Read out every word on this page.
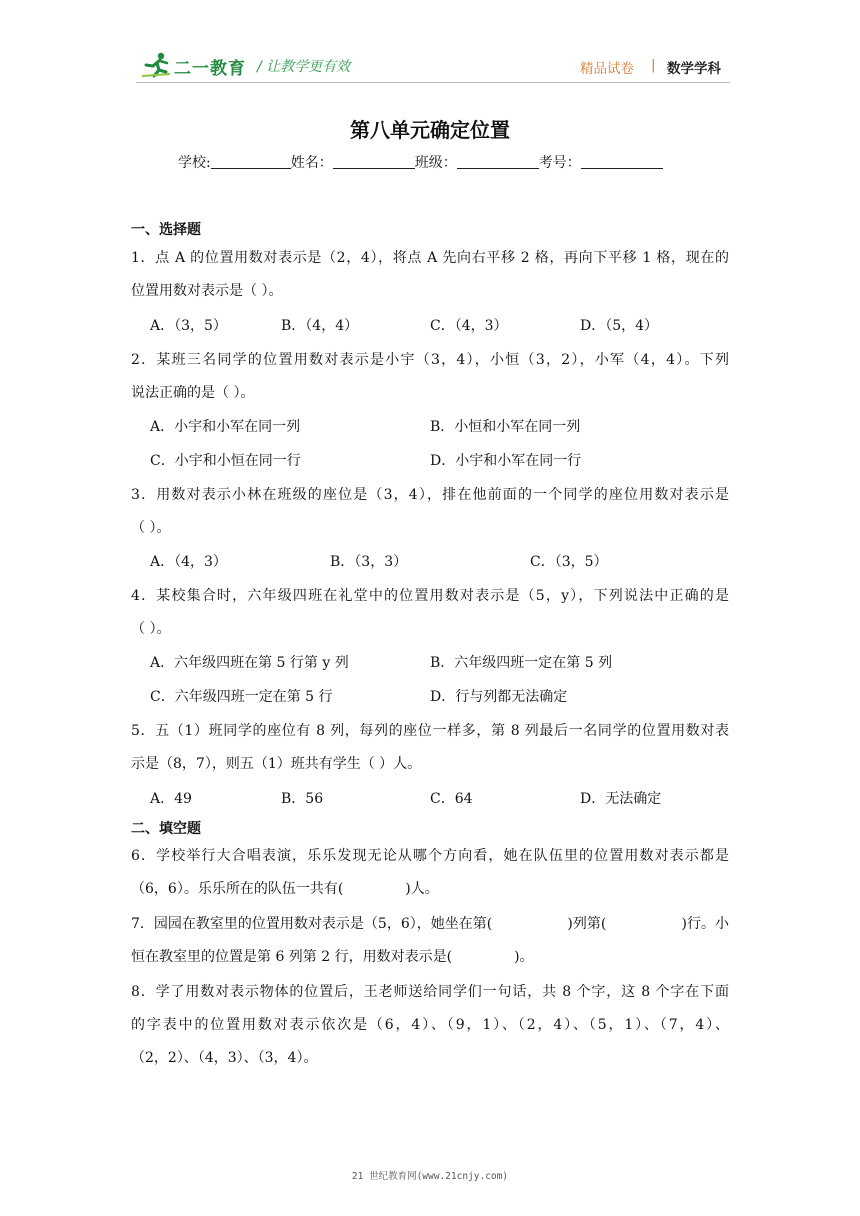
二一教育 / 让教学更有效	精品试卷 | 数学学科
第八单元确定位置
学校:	姓名：	班级：	考号：
一、选择题
1．点 A 的位置用数对表示是（2，4），将点 A 先向右平移 2 格，再向下平移 1 格，现在的
位置用数对表示是（ ）。
A．（3，5）	B．（4，4）	C．（4，3）	D．（5，4）
2．某班三名同学的位置用数对表示是小宇（3，4），小恒（3，2），小军（4，4）。下列
说法正确的是（ ）。
A．小宇和小军在同一列	B．小恒和小军在同一列
C．小宇和小恒在同一行	D．小宇和小军在同一行
3．用数对表示小林在班级的座位是（3，4），排在他前面的一个同学的座位用数对表示是
（ ）。
A．（4，3）	B．（3，3）	C．（3，5）
4．某校集合时，六年级四班在礼堂中的位置用数对表示是（5，y），下列说法中正确的是
（ ）。
A．六年级四班在第 5 行第 y 列	B．六年级四班一定在第 5 列
C．六年级四班一定在第 5 行	D．行与列都无法确定
5．五（1）班同学的座位有 8 列，每列的座位一样多，第 8 列最后一名同学的位置用数对表
示是（8，7），则五（1）班共有学生（ ）人。
A．49	B．56	C．64	D．无法确定
二、填空题
6．学校举行大合唱表演，乐乐发现无论从哪个方向看，她在队伍里的位置用数对表示都是
（6，6）。乐乐所在的队伍一共有(	)人。
7．园园在教室里的位置用数对表示是（5，6），她坐在第(	)列第(	)行。小
恒在教室里的位置是第 6 列第 2 行，用数对表示是(	)。
8．学了用数对表示物体的位置后，王老师送给同学们一句话，共 8 个字，这 8 个字在下面
的字表中的位置用数对表示依次是（6，4）、（9，1）、（2，4）、（5，1）、（7，4）、
（2，2）、（4，3）、（3，4）。
21 世纪教育网(www.21cnjy.com)
